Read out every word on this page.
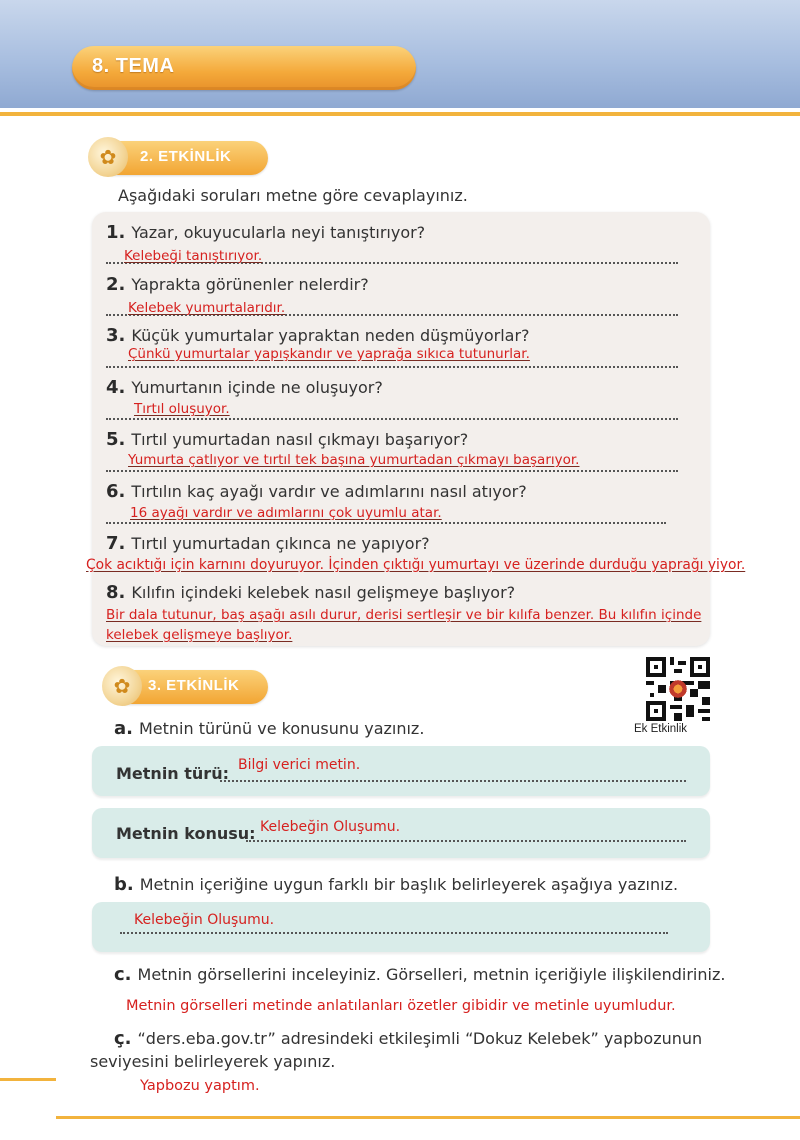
8. TEMA
✿	2. ETKİNLİK
Aşağıdaki soruları metne göre cevaplayınız.
1. Yazar, okuyucularla neyi tanıştırıyor?
Kelebeği tanıştırıyor.
2. Yaprakta görünenler nelerdir?
Kelebek yumurtalarıdır.
3. Küçük yumurtalar yapraktan neden düşmüyorlar?
Çünkü yumurtalar yapışkandır ve yaprağa sıkıca tutunurlar.
4. Yumurtanın içinde ne oluşuyor?
Tırtıl oluşuyor.
5. Tırtıl yumurtadan nasıl çıkmayı başarıyor?
Yumurta çatlıyor ve tırtıl tek başına yumurtadan çıkmayı başarıyor.
6. Tırtılın kaç ayağı vardır ve adımlarını nasıl atıyor?
16 ayağı vardır ve adımlarını çok uyumlu atar.
7. Tırtıl yumurtadan çıkınca ne yapıyor?
Çok acıktığı için karnını doyuruyor. İçinden çıktığı yumurtayı ve üzerinde durduğu yaprağı yiyor.
8. Kılıfın içindeki kelebek nasıl gelişmeye başlıyor?
Bir dala tutunur, baş aşağı asılı durur, derisi sertleşir ve bir kılıfa benzer. Bu kılıfın içinde
kelebek gelişmeye başlıyor.
✿	3. ETKİNLİK
Ek Etkinlik
a. Metnin türünü ve konusunu yazınız.
Metnin türü: Bilgi verici metin.
Metnin konusu: Kelebeğin Oluşumu.
b. Metnin içeriğine uygun farklı bir başlık belirleyerek aşağıya yazınız.
Kelebeğin Oluşumu.
c. Metnin görsellerini inceleyiniz. Görselleri, metnin içeriğiyle ilişkilendiriniz.
Metnin görselleri metinde anlatılanları özetler gibidir ve metinle uyumludur.
ç. “ders.eba.gov.tr” adresindeki etkileşimli “Dokuz Kelebek” yapbozunun
seviyesini belirleyerek yapınız.
Yapbozu yaptım.
